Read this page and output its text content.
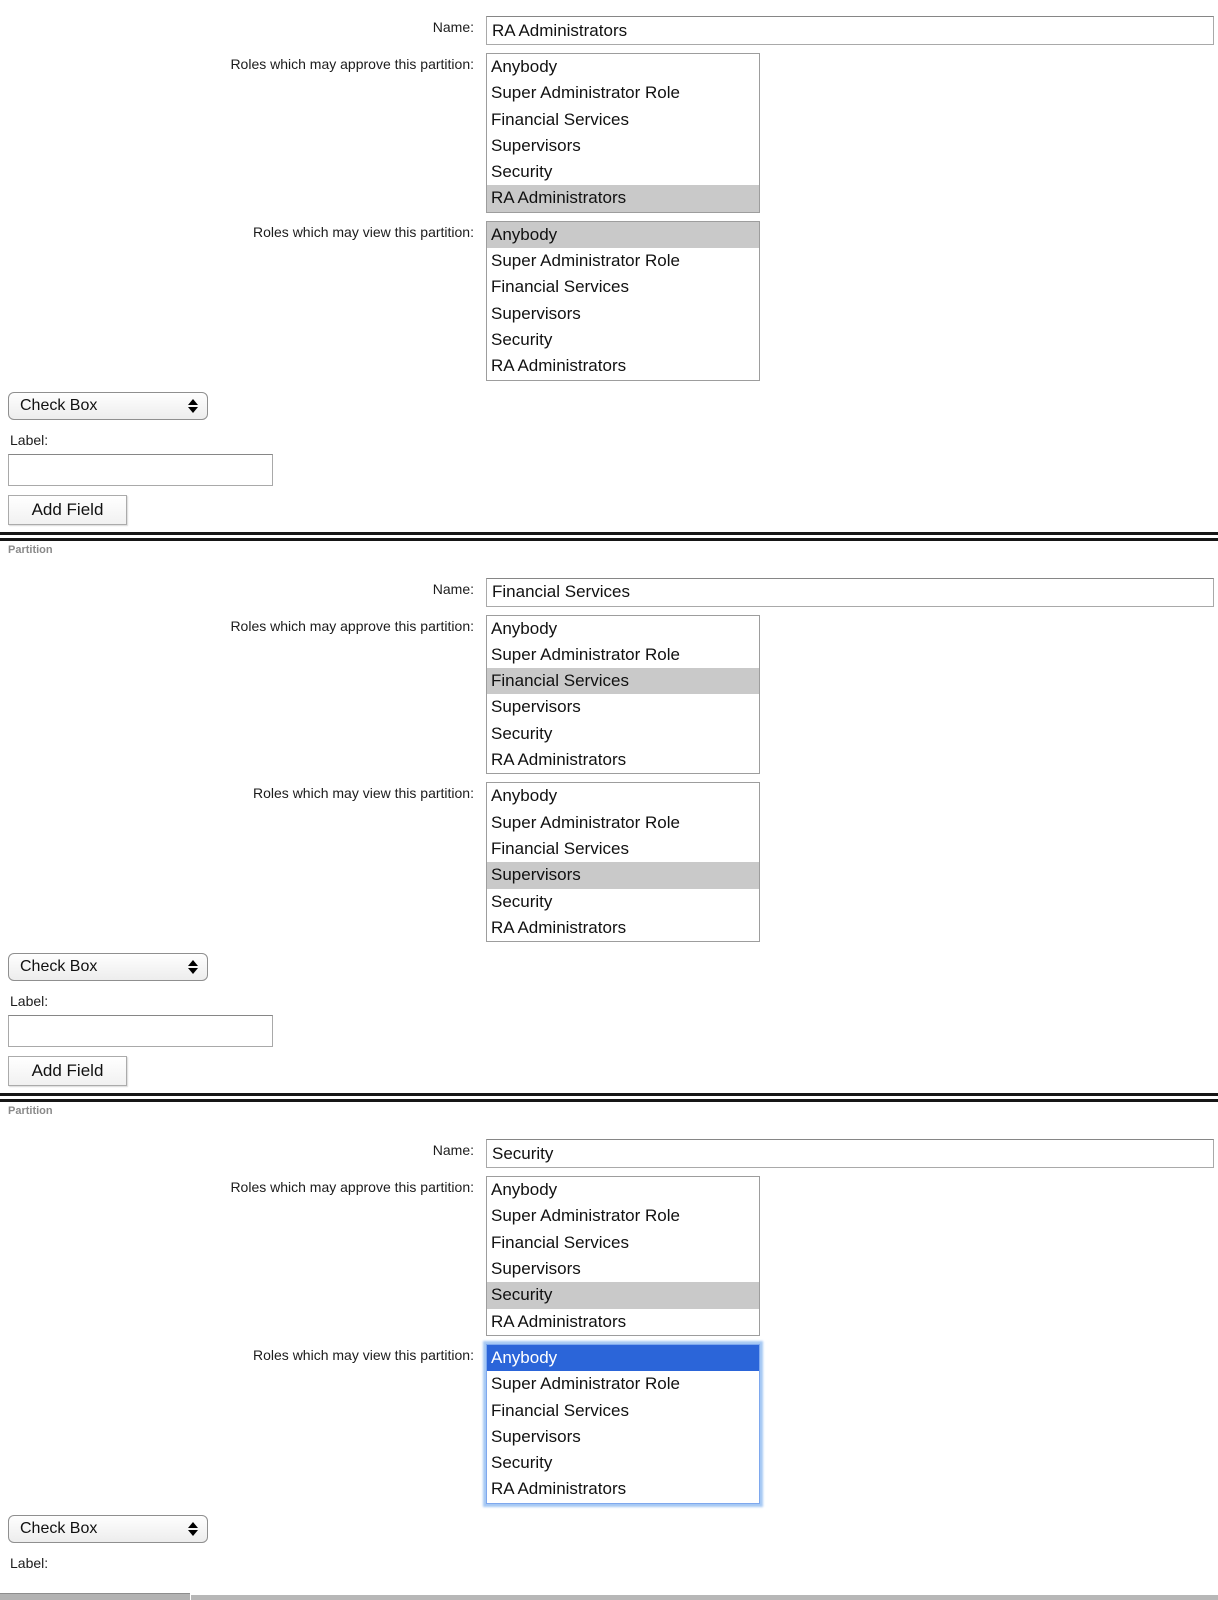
Name:
RA Administrators
Roles which may approve this partition:	Anybody
Super Administrator Role
Financial Services
Supervisors
Security
RA Administrators
Roles which may view this partition:	Anybody
Super Administrator Role
Financial Services
Supervisors
Security
RA Administrators
Check Box
Label:
Add Field
Partition
Name:
Financial Services
Roles which may approve this partition:	Anybody
Super Administrator Role
Financial Services
Supervisors
Security
RA Administrators
Roles which may view this partition:	Anybody
Super Administrator Role
Financial Services
Supervisors
Security
RA Administrators
Check Box
Label:
Add Field
Partition
Name:
Security
Roles which may approve this partition:	Anybody
Super Administrator Role
Financial Services
Supervisors
Security
RA Administrators
Roles which may view this partition:	Anybody
Super Administrator Role
Financial Services
Supervisors
Security
RA Administrators
Check Box
Label:
